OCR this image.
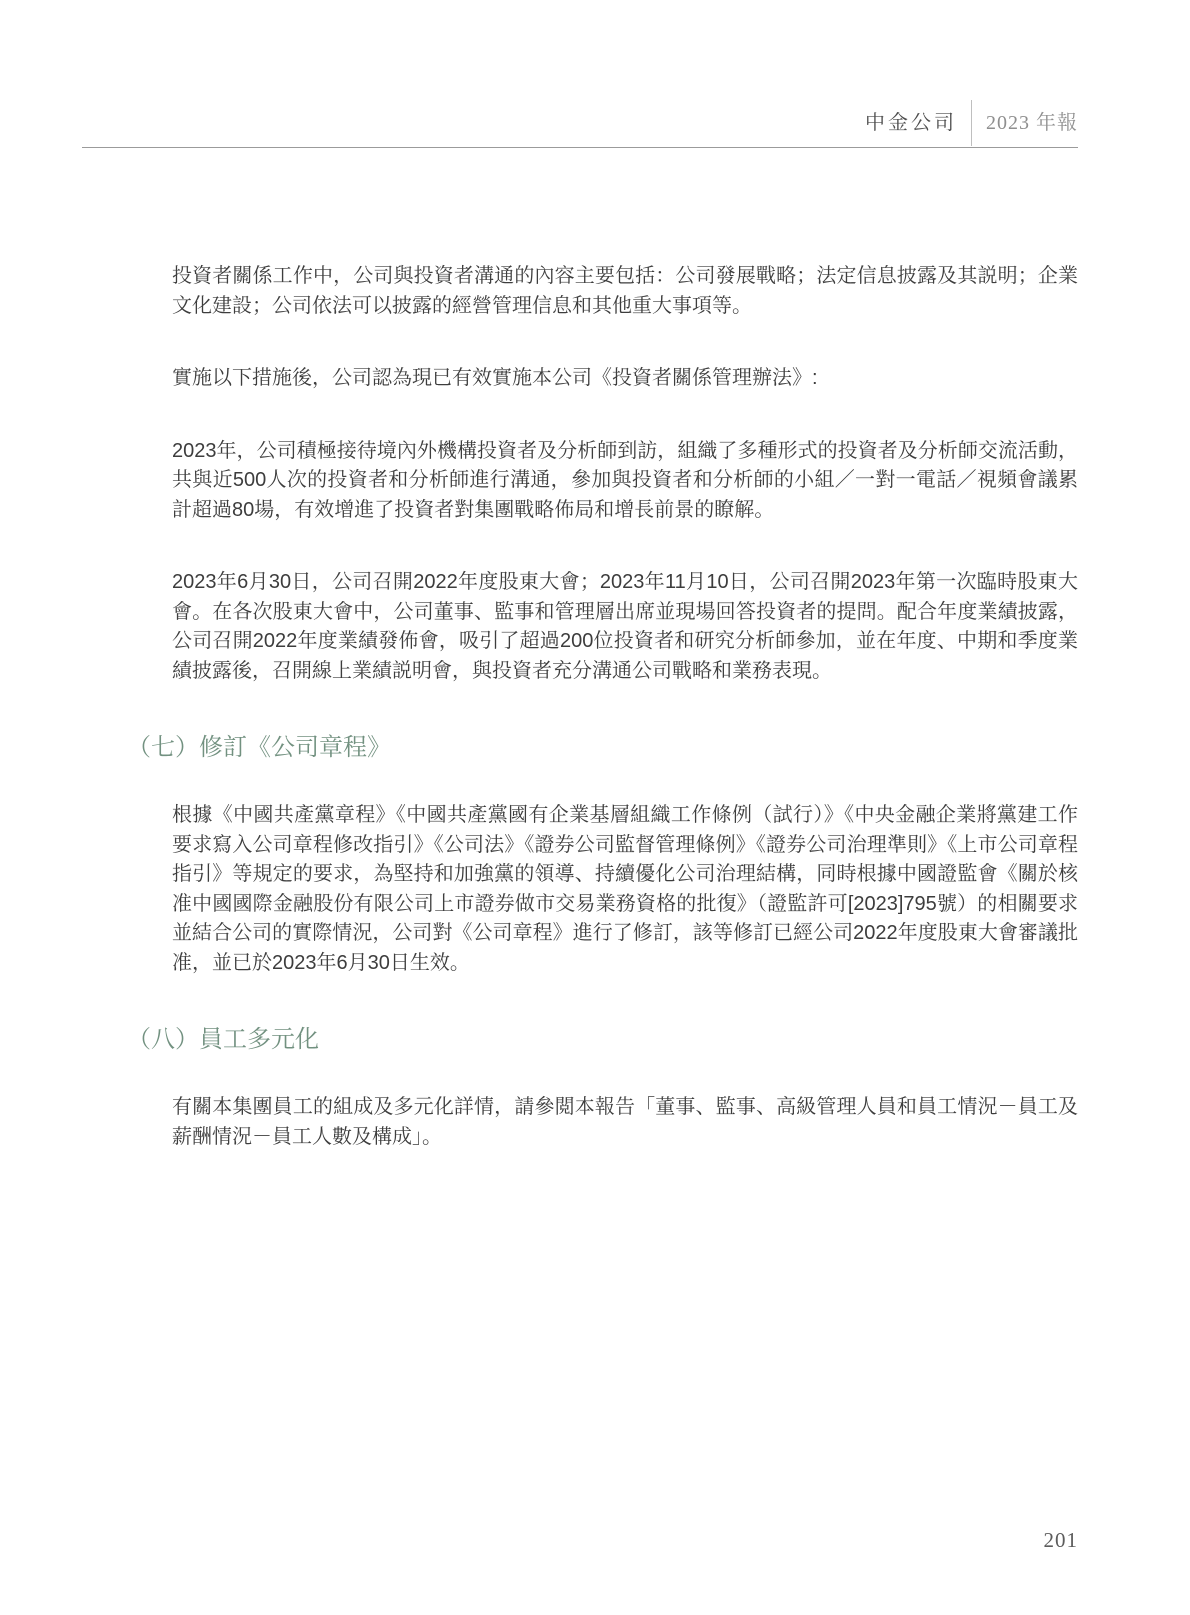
中金公司 2023 年報

投資者關係工作中，公司與投資者溝通的內容主要包括：公司發展戰略；法定信息披露及其説明；企業文化建設；公司依法可以披露的經營管理信息和其他重大事項等。

實施以下措施後，公司認為現已有效實施本公司《投資者關係管理辦法》:

2023年，公司積極接待境內外機構投資者及分析師到訪，組織了多種形式的投資者及分析師交流活動，共與近500人次的投資者和分析師進行溝通，參加與投資者和分析師的小組／一對一電話／視頻會議累計超過80場，有效增進了投資者對集團戰略佈局和增長前景的瞭解。

2023年6月30日，公司召開2022年度股東大會；2023年11月10日，公司召開2023年第一次臨時股東大會。在各次股東大會中，公司董事、監事和管理層出席並現場回答投資者的提問。配合年度業績披露，公司召開2022年度業績發佈會，吸引了超過200位投資者和研究分析師參加，並在年度、中期和季度業績披露後，召開線上業績説明會，與投資者充分溝通公司戰略和業務表現。

（七）修訂《公司章程》

根據《中國共產黨章程》《中國共產黨國有企業基層組織工作條例（試行）》《中央金融企業將黨建工作要求寫入公司章程修改指引》《公司法》《證券公司監督管理條例》《證券公司治理準則》《上市公司章程指引》等規定的要求，為堅持和加強黨的領導、持續優化公司治理結構，同時根據中國證監會《關於核准中國國際金融股份有限公司上市證券做市交易業務資格的批復》（證監許可[2023]795號）的相關要求並結合公司的實際情況，公司對《公司章程》進行了修訂，該等修訂已經公司2022年度股東大會審議批准，並已於2023年6月30日生效。

（八）員工多元化

有關本集團員工的組成及多元化詳情，請參閲本報告「董事、監事、高級管理人員和員工情況－員工及薪酬情況－員工人數及構成」。

201
